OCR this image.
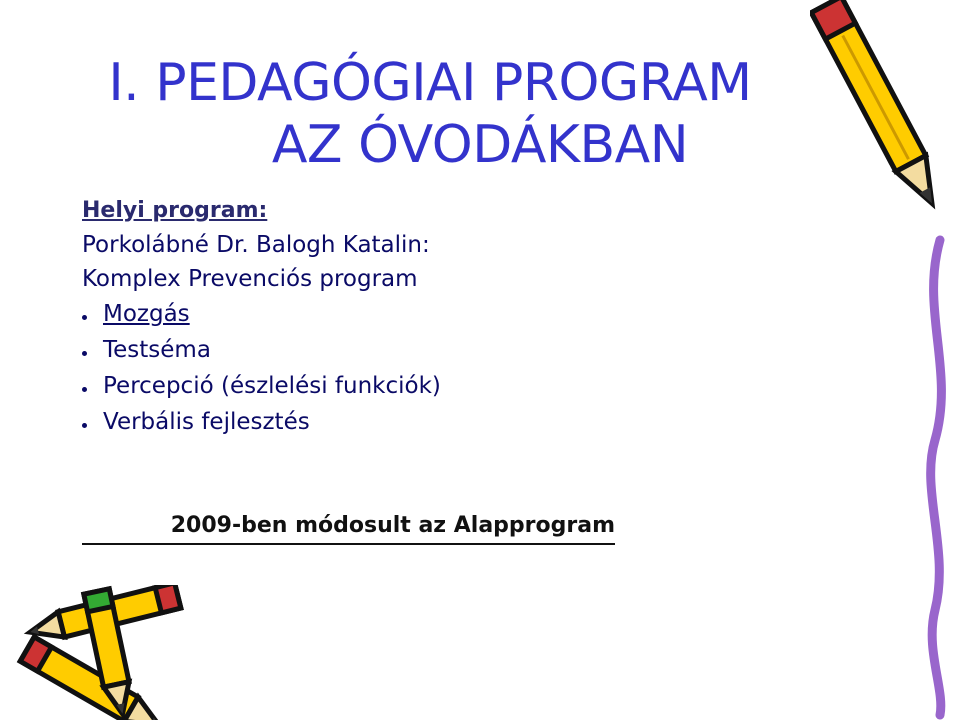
I. PEDAGÓGIAI PROGRAM
AZ ÓVODÁKBAN
Helyi program:
Porkolábné Dr. Balogh Katalin:
Komplex Prevenciós program
Mozgás
Testséma
Percepció (észlelési funkciók)
Verbális fejlesztés
2009-ben módosult az Alapprogram
